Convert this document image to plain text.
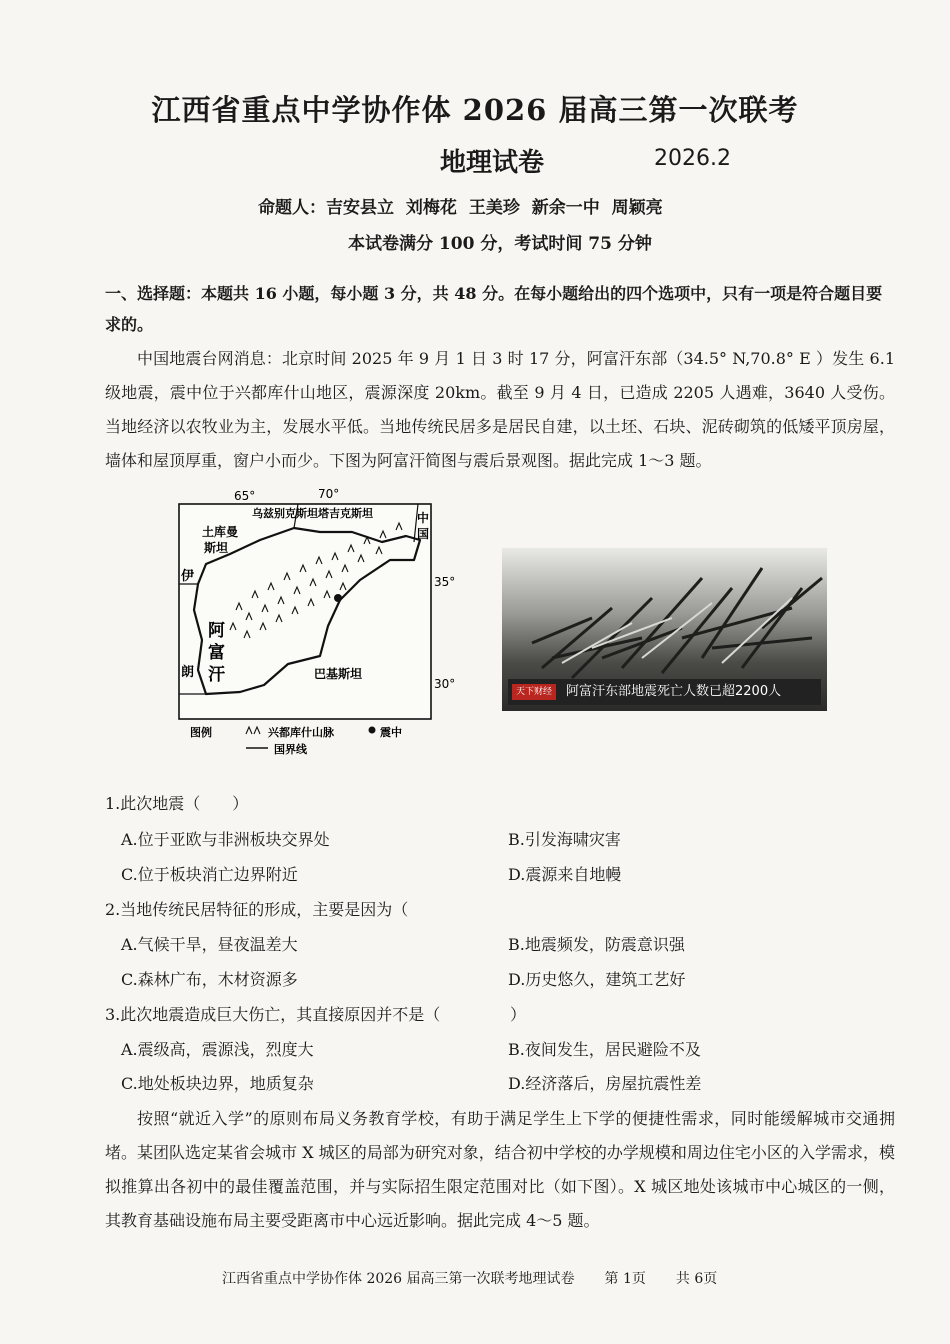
江西省重点中学协作体 2026 届高三第一次联考
地理试卷	2026.2
命题人：吉安县立 刘梅花 王美珍 新余一中 周颖亮
本试卷满分 100 分，考试时间 75 分钟
一、选择题：本题共 16 小题，每小题 3 分，共 48 分。在每小题给出的四个选项中，只有一项是符合题目要求的。
中国地震台网消息：北京时间 2025 年 9 月 1 日 3 时 17 分，阿富汗东部（34.5° N,70.8° E ）发生 6.1 级地震，震中位于兴都库什山地区，震源深度 20km。截至 9 月 4 日，已造成 2205 人遇难，3640 人受伤。当地经济以农牧业为主，发展水平低。当地传统民居多是居民自建，以土坯、石块、泥砖砌筑的低矮平顶房屋，墙体和屋顶厚重，窗户小而少。下图为阿富汗简图与震后景观图。据此完成 1～3 题。
65°	70°
35°
30°
乌兹别克斯坦 塔吉克斯坦
土库曼
斯坦
中
国
伊
朗
阿
富
汗	巴基斯坦
图例	兴都库什山脉	震中
国界线
天下财经 阿富汗东部地震死亡人数已超2200人
1.此次地震（　　）
A.位于亚欧与非洲板块交界处	B.引发海啸灾害
C.位于板块消亡边界附近	D.震源来自地幔
2.当地传统民居特征的形成，主要是因为（
A.气候干旱，昼夜温差大	B.地震频发，防震意识强
C.森林广布，木材资源多	D.历史悠久，建筑工艺好
3.此次地震造成巨大伤亡，其直接原因并不是（	）
A.震级高，震源浅，烈度大	B.夜间发生，居民避险不及
C.地处板块边界，地质复杂	D.经济落后，房屋抗震性差
按照“就近入学”的原则布局义务教育学校，有助于满足学生上下学的便捷性需求，同时能缓解城市交通拥堵。某团队选定某省会城市 X 城区的局部为研究对象，结合初中学校的办学规模和周边住宅小区的入学需求，模拟推算出各初中的最佳覆盖范围，并与实际招生限定范围对比（如下图）。X 城区地处该城市中心城区的一侧，其教育基础设施布局主要受距离市中心远近影响。据此完成 4～5 题。
江西省重点中学协作体 2026 届高三第一次联考地理试卷 第 1页 共 6页
